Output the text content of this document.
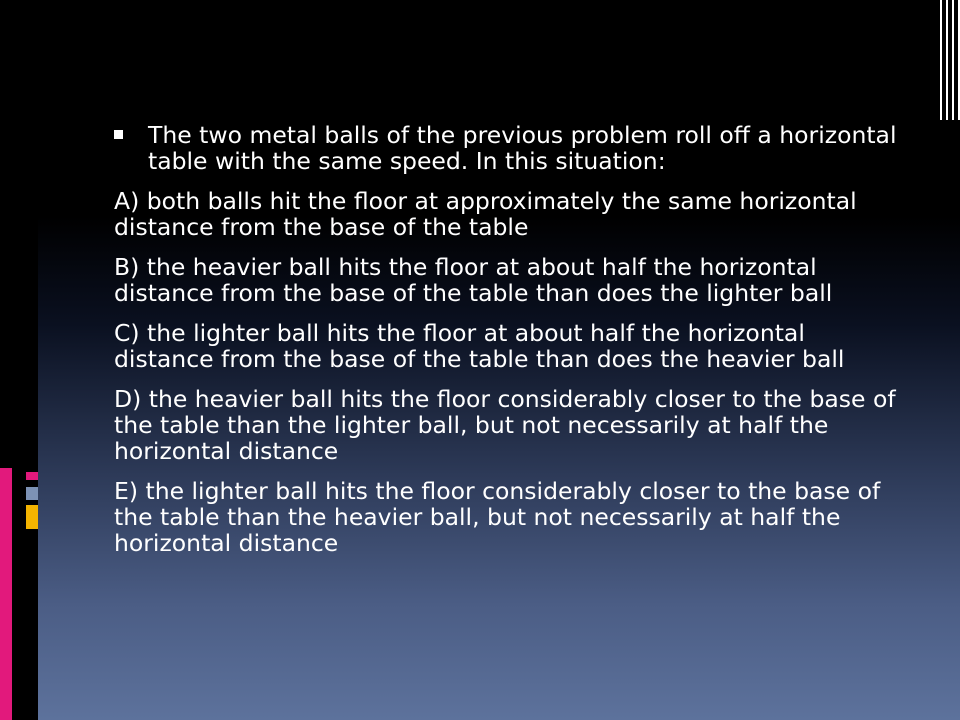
The two metal balls of the previous problem roll off a horizontal table with the same speed. In this situation:

A) both balls hit the floor at approximately the same horizontal distance from the base of the table

B) the heavier ball hits the floor at about half the horizontal distance from the base of the table than does the lighter ball

C) the lighter ball hits the floor at about half the horizontal distance from the base of the table than does the heavier ball

D) the heavier ball hits the floor considerably closer to the base of the table than the lighter ball, but not necessarily at half the horizontal distance

E) the lighter ball hits the floor considerably closer to the base of the table than the heavier ball, but not necessarily at half the horizontal distance
